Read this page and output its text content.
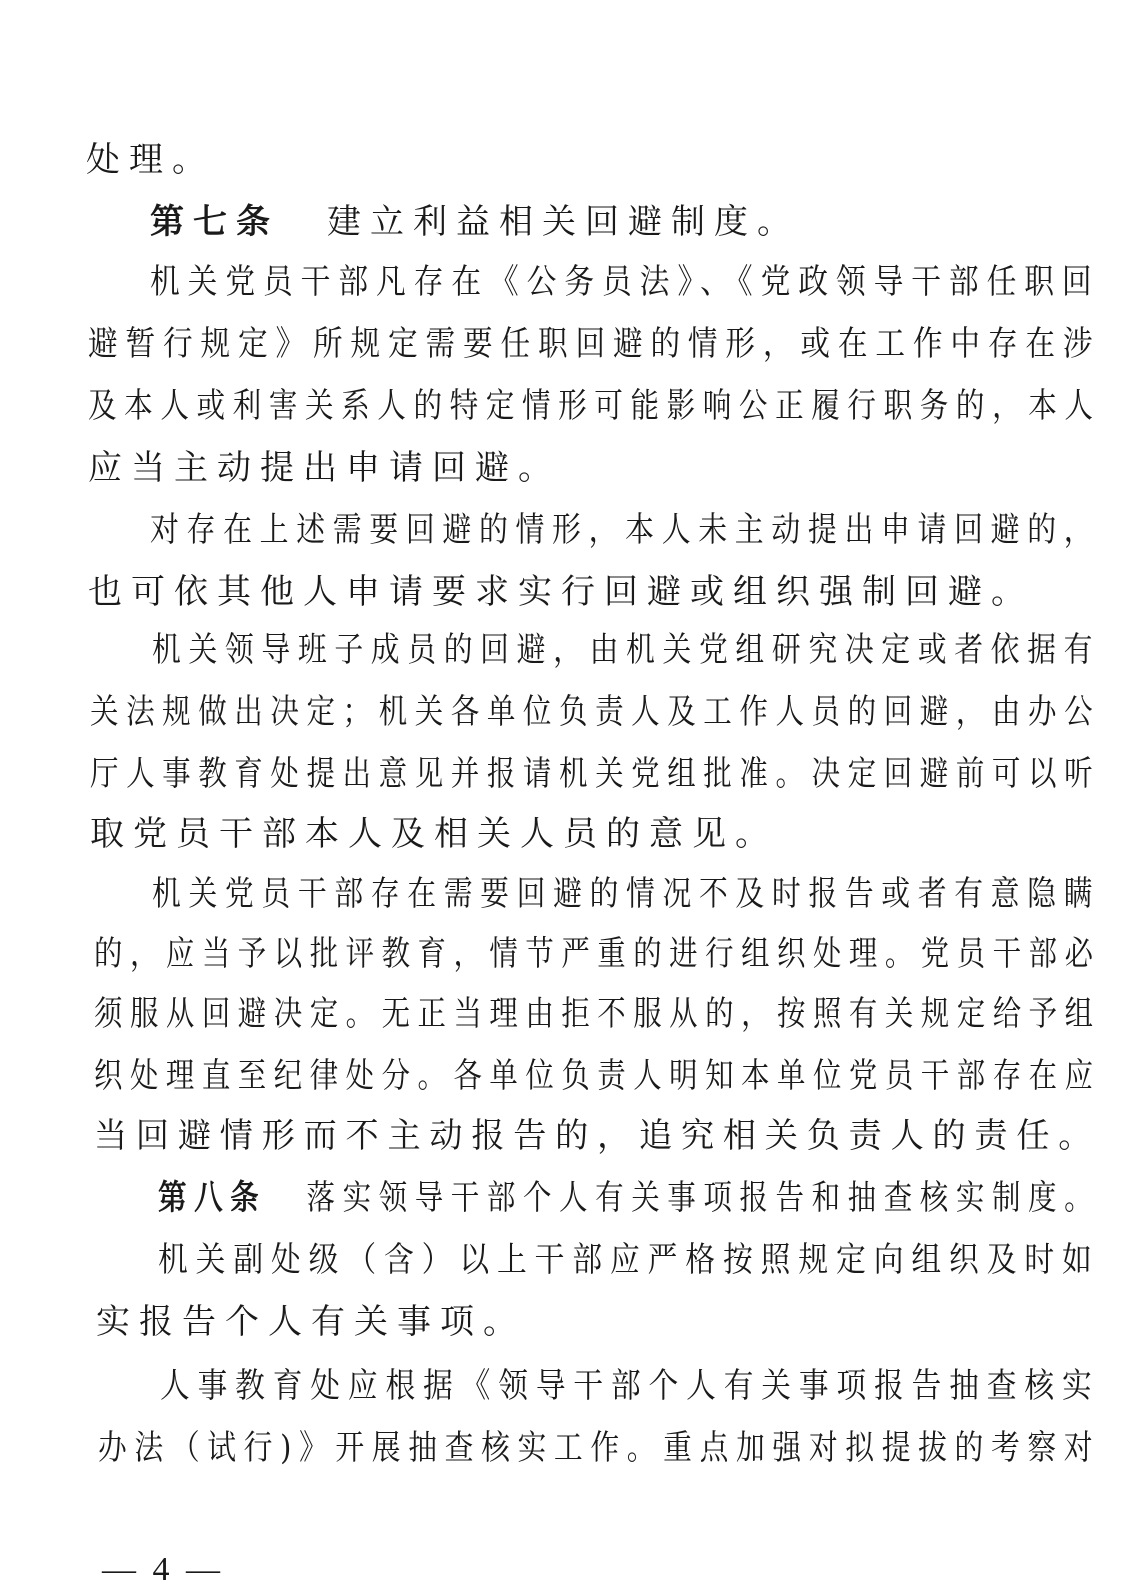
处理。

第七条 建立利益相关回避制度。

机关党员干部凡存在《公务员法》、《党政领导干部任职回

避暂行规定》所规定需要任职回避的情形，或在工作中存在涉

及本人或利害关系人的特定情形可能影响公正履行职务的，本人

应当主动提出申请回避。

对存在上述需要回避的情形，本人未主动提出申请回避的，

也可依其他人申请要求实行回避或组织强制回避。

机关领导班子成员的回避，由机关党组研究决定或者依据有

关法规做出决定；机关各单位负责人及工作人员的回避，由办公

厅人事教育处提出意见并报请机关党组批准。决定回避前可以听

取党员干部本人及相关人员的意见。

机关党员干部存在需要回避的情况不及时报告或者有意隐瞒

的，应当予以批评教育，情节严重的进行组织处理。党员干部必

须服从回避决定。无正当理由拒不服从的，按照有关规定给予组

织处理直至纪律处分。各单位负责人明知本单位党员干部存在应

当回避情形而不主动报告的，追究相关负责人的责任。

第八条 落实领导干部个人有关事项报告和抽查核实制度。

机关副处级（含）以上干部应严格按照规定向组织及时如

实报告个人有关事项。

人事教育处应根据《领导干部个人有关事项报告抽查核实

办法（试行)》开展抽查核实工作。重点加强对拟提拔的考察对

— 4 —
